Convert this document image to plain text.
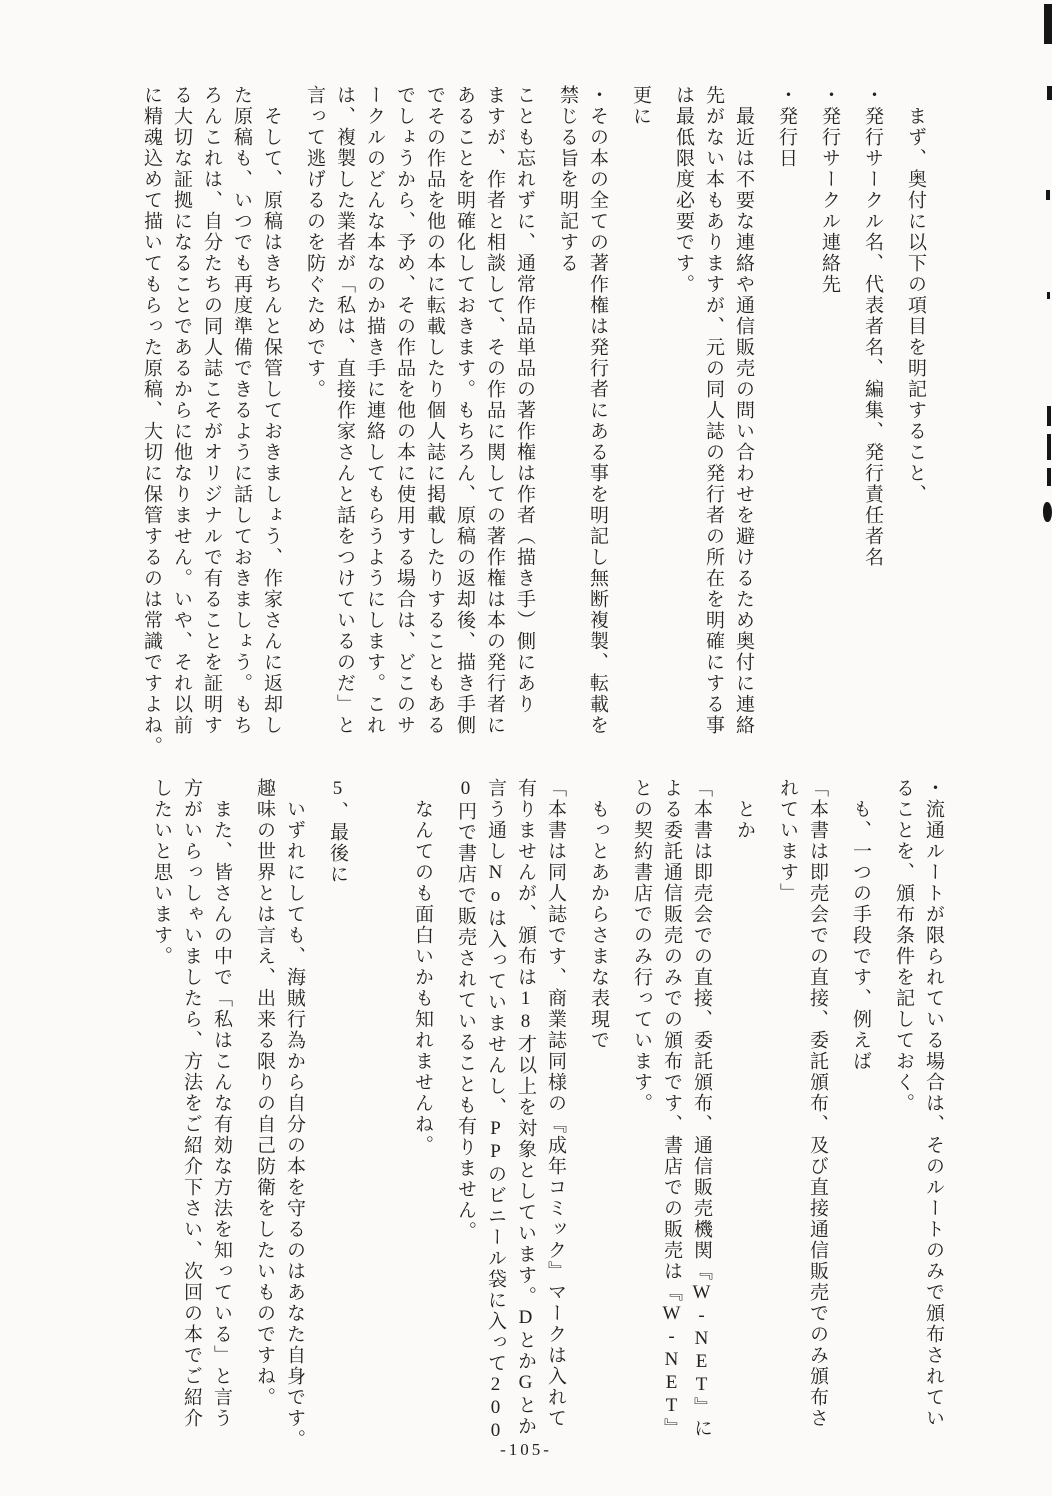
　まず、奥付に以下の項目を明記すること、
・発行サークル名、代表者名、編集、発行責任者名
・発行サークル連絡先
・発行日
　最近は不要な連絡や通信販売の問い合わせを避けるため奥付に連絡
先がない本もありますが、元の同人誌の発行者の所在を明確にする事
は最低限度必要です。
更に
・その本の全ての著作権は発行者にある事を明記し無断複製、転載を
禁じる旨を明記する
ことも忘れずに、通常作品単品の著作権は作者（描き手）側にあり
ますが、作者と相談して、その作品に関しての著作権は本の発行者に
あることを明確化しておきます。もちろん、原稿の返却後、描き手側
でその作品を他の本に転載したり個人誌に掲載したりすることもある
でしょうから、予め、その作品を他の本に使用する場合は、どこのサ
ークルのどんな本なのか描き手に連絡してもらうようにします。これ
は、複製した業者が「私は、直接作家さんと話をつけているのだ」と
言って逃げるのを防ぐためです。
　そして、原稿はきちんと保管しておきましょう、作家さんに返却し
た原稿も、いつでも再度準備できるように話しておきましょう。もち
ろんこれは、自分たちの同人誌こそがオリジナルで有ることを証明す
る大切な証拠になることであるからに他なりません。いや、それ以前
に精魂込めて描いてもらった原稿、大切に保管するのは常識ですよね。
・流通ルートが限られている場合は、そのルートのみで頒布されてい
ることを、頒布条件を記しておく。
　も、一つの手段です、例えば
「本書は即売会での直接、委託頒布、及び直接通信販売でのみ頒布さ
れています」
　とか
「本書は即売会での直接、委託頒布、通信販売機関『W-NET』に
よる委託通信販売のみでの頒布です、書店での販売は『W-NET』
との契約書店でのみ行っています。
　もっとあからさまな表現で
「本書は同人誌です、商業誌同様の『成年コミック』マークは入れて
有りませんが、頒布は18才以上を対象としています。DとかGとか
言う通しNoは入っていませんし、PPのビニール袋に入って200
0円で書店で販売されていることも有りません。
　なんてのも面白いかも知れませんね。
5、最後に
　いずれにしても、海賊行為から自分の本を守るのはあなた自身です。
趣味の世界とは言え、出来る限りの自己防衛をしたいものですね。
　また、皆さんの中で「私はこんな有効な方法を知っている」と言う
方がいらっしゃいましたら、方法をご紹介下さい、次回の本でご紹介
したいと思います。
-105-
